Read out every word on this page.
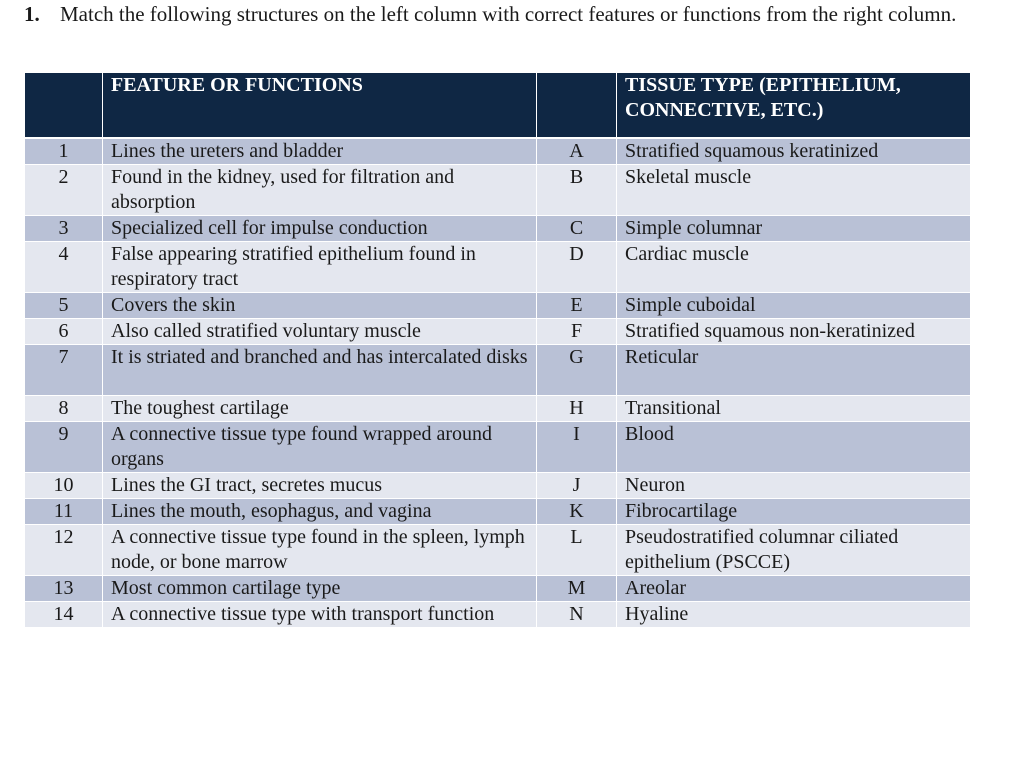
1. Match the following structures on the left column with correct features or functions from the right column.
	FEATURE OR FUNCTIONS		TISSUE TYPE (EPITHELIUM, CONNECTIVE, ETC.)
1	Lines the ureters and bladder	A	Stratified squamous keratinized
2	Found in the kidney, used for filtration and absorption	B	Skeletal muscle
3	Specialized cell for impulse conduction	C	Simple columnar
4	False appearing stratified epithelium found in respiratory tract	D	Cardiac muscle
5	Covers the skin	E	Simple cuboidal
6	Also called stratified voluntary muscle	F	Stratified squamous non-keratinized
7	It is striated and branched and has intercalated disks	G	Reticular
8	The toughest cartilage	H	Transitional
9	A connective tissue type found wrapped around organs	I	Blood
10	Lines the GI tract, secretes mucus	J	Neuron
11	Lines the mouth, esophagus, and vagina	K	Fibrocartilage
12	A connective tissue type found in the spleen, lymph node, or bone marrow	L	Pseudostratified columnar ciliated epithelium (PSCCE)
13	Most common cartilage type	M	Areolar
14	A connective tissue type with transport function	N	Hyaline
